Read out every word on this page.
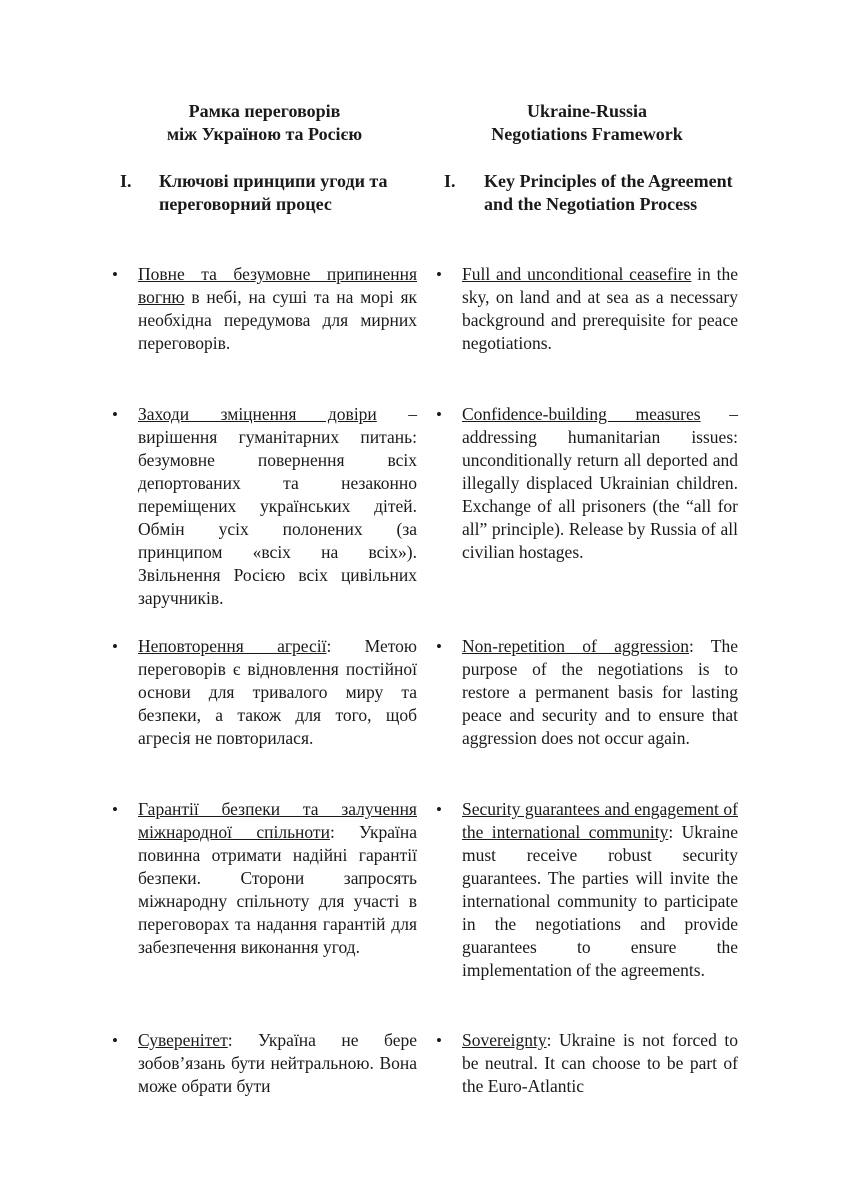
Рамка переговорів
між Україною та Росією
I. Ключові принципи угоди та переговорний процес
• Повне та безумовне припинення вогню в небі, на суші та на морі як необхідна передумова для мирних переговорів.
• Заходи зміцнення довіри – вирішення гуманітарних питань: безумовне повернення всіх депортованих та незаконно переміщених українських дітей. Обмін усіх полонених (за принципом «всіх на всіх»). Звільнення Росією всіх цивільних заручників.
• Неповторення агресії: Метою переговорів є відновлення постійної основи для тривалого миру та безпеки, а також для того, щоб агресія не повторилася.
• Гарантії безпеки та залучення міжнародної спільноти: Україна повинна отримати надійні гарантії безпеки. Сторони запросять міжнародну спільноту для участі в переговорах та надання гарантій для забезпечення виконання угод.
• Суверенітет: Україна не бере зобов’язань бути нейтральною. Вона може обрати бути
Ukraine-Russia
Negotiations Framework
I. Key Principles of the Agreement and the Negotiation Process
• Full and unconditional ceasefire in the sky, on land and at sea as a necessary background and prerequisite for peace negotiations.
• Confidence-building measures – addressing humanitarian issues: unconditionally return all deported and illegally displaced Ukrainian children. Exchange of all prisoners (the “all for all” principle). Release by Russia of all civilian hostages.
• Non-repetition of aggression: The purpose of the negotiations is to restore a permanent basis for lasting peace and security and to ensure that aggression does not occur again.
• Security guarantees and engagement of the international community: Ukraine must receive robust security guarantees. The parties will invite the international community to participate in the negotiations and provide guarantees to ensure the implementation of the agreements.
• Sovereignty: Ukraine is not forced to be neutral. It can choose to be part of the Euro-Atlantic
